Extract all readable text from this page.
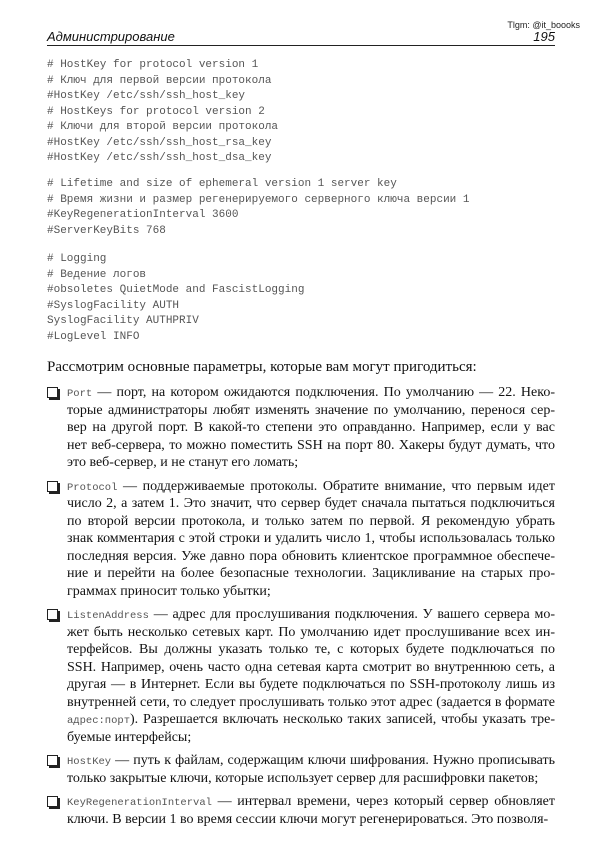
Tlgm: @it_boooks
Администрирование	195
# HostKey for protocol version 1
# Ключ для первой версии протокола
#HostKey /etc/ssh/ssh_host_key
# HostKeys for protocol version 2
# Ключи для второй версии протокола
#HostKey /etc/ssh/ssh_host_rsa_key
#HostKey /etc/ssh/ssh_host_dsa_key
# Lifetime and size of ephemeral version 1 server key
# Время жизни и размер регенерируемого серверного ключа версии 1
#KeyRegenerationInterval 3600
#ServerKeyBits 768
# Logging
# Ведение логов
#obsoletes QuietMode and FascistLogging
#SyslogFacility AUTH
SyslogFacility AUTHPRIV
#LogLevel INFO
Рассмотрим основные параметры, которые вам могут пригодиться:
Port — порт, на котором ожидаются подключения. По умолчанию — 22. Неко-
торые администраторы любят изменять значение по умолчанию, перенося сер-
вер на другой порт. В какой-то степени это оправданно. Например, если у вас
нет веб-сервера, то можно поместить SSH на порт 80. Хакеры будут думать, что
это веб-сервер, и не станут его ломать;
Protocol — поддерживаемые протоколы. Обратите внимание, что первым идет
число 2, а затем 1. Это значит, что сервер будет сначала пытаться подключиться
по второй версии протокола, и только затем по первой. Я рекомендую убрать
знак комментария с этой строки и удалить число 1, чтобы использовалась только
последняя версия. Уже давно пора обновить клиентское программное обеспече-
ние и перейти на более безопасные технологии. Зацикливание на старых про-
граммах приносит только убытки;
ListenAddress — адрес для прослушивания подключения. У вашего сервера мо-
жет быть несколько сетевых карт. По умолчанию идет прослушивание всех ин-
терфейсов. Вы должны указать только те, с которых будете подключаться по
SSH. Например, очень часто одна сетевая карта смотрит во внутреннюю сеть, а
другая — в Интернет. Если вы будете подключаться по SSH-протоколу лишь из
внутренней сети, то следует прослушивать только этот адрес (задается в формате
адрес:порт). Разрешается включать несколько таких записей, чтобы указать тре-
буемые интерфейсы;
HostKey — путь к файлам, содержащим ключи шифрования. Нужно прописывать
только закрытые ключи, которые использует сервер для расшифровки пакетов;
KeyRegenerationInterval — интервал времени, через который сервер обновляет
ключи. В версии 1 во время сессии ключи могут регенерироваться. Это позволя-
